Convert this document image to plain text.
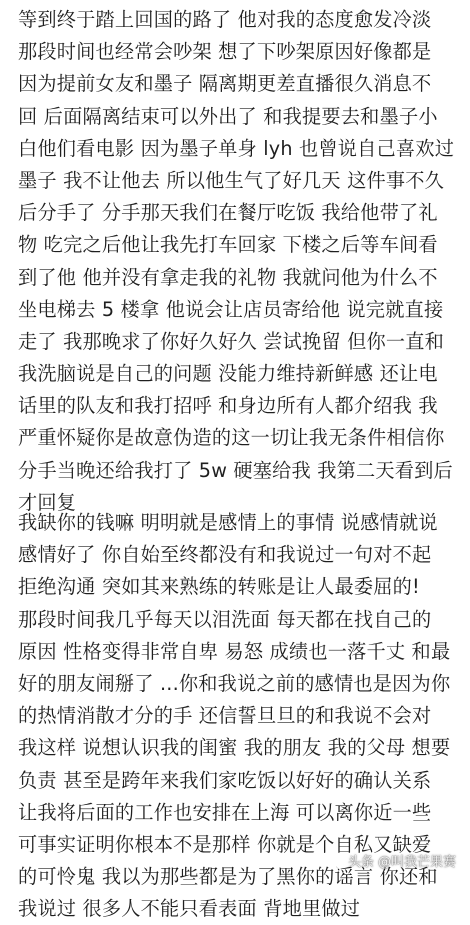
等到终于踏上回国的路了 他对我的态度愈发冷淡
那段时间也经常会吵架 想了下吵架原因好像都是
因为提前女友和墨子 隔离期更差直播很久消息不
回 后面隔离结束可以外出了 和我提要去和墨子小
白他们看电影 因为墨子单身 lyh 也曾说自己喜欢过
墨子 我不让他去 所以他生气了好几天 这件事不久
后分手了 分手那天我们在餐厅吃饭 我给他带了礼
物 吃完之后他让我先打车回家 下楼之后等车间看
到了他 他并没有拿走我的礼物 我就问他为什么不
坐电梯去 5 楼拿 他说会让店员寄给他 说完就直接
走了 我那晚求了你好久好久 尝试挽留 但你一直和
我洗脑说是自己的问题 没能力维持新鲜感 还让电
话里的队友和我打招呼 和身边所有人都介绍我 我
严重怀疑你是故意伪造的这一切让我无条件相信你
分手当晚还给我打了 5w 硬塞给我 我第二天看到后
才回复
我缺你的钱嘛 明明就是感情上的事情 说感情就说
感情好了 你自始至终都没有和我说过一句对不起
拒绝沟通 突如其来熟练的转账是让人最委屈的!
那段时间我几乎每天以泪洗面 每天都在找自己的
原因 性格变得非常自卑 易怒 成绩也一落千丈 和最
好的朋友闹掰了 ...你和我说之前的感情也是因为你
的热情消散才分的手 还信誓旦旦的和我说不会对
我这样 说想认识我的闺蜜 我的朋友 我的父母 想要
负责 甚至是跨年来我们家吃饭以好好的确认关系
让我将后面的工作也安排在上海 可以离你近一些
可事实证明你根本不是那样 你就是个自私又缺爱
的可怜鬼 我以为那些都是为了黑你的谣言 你还和
我说过 很多人不能只看表面 背地里做过
头条 @叫我芒果赛
